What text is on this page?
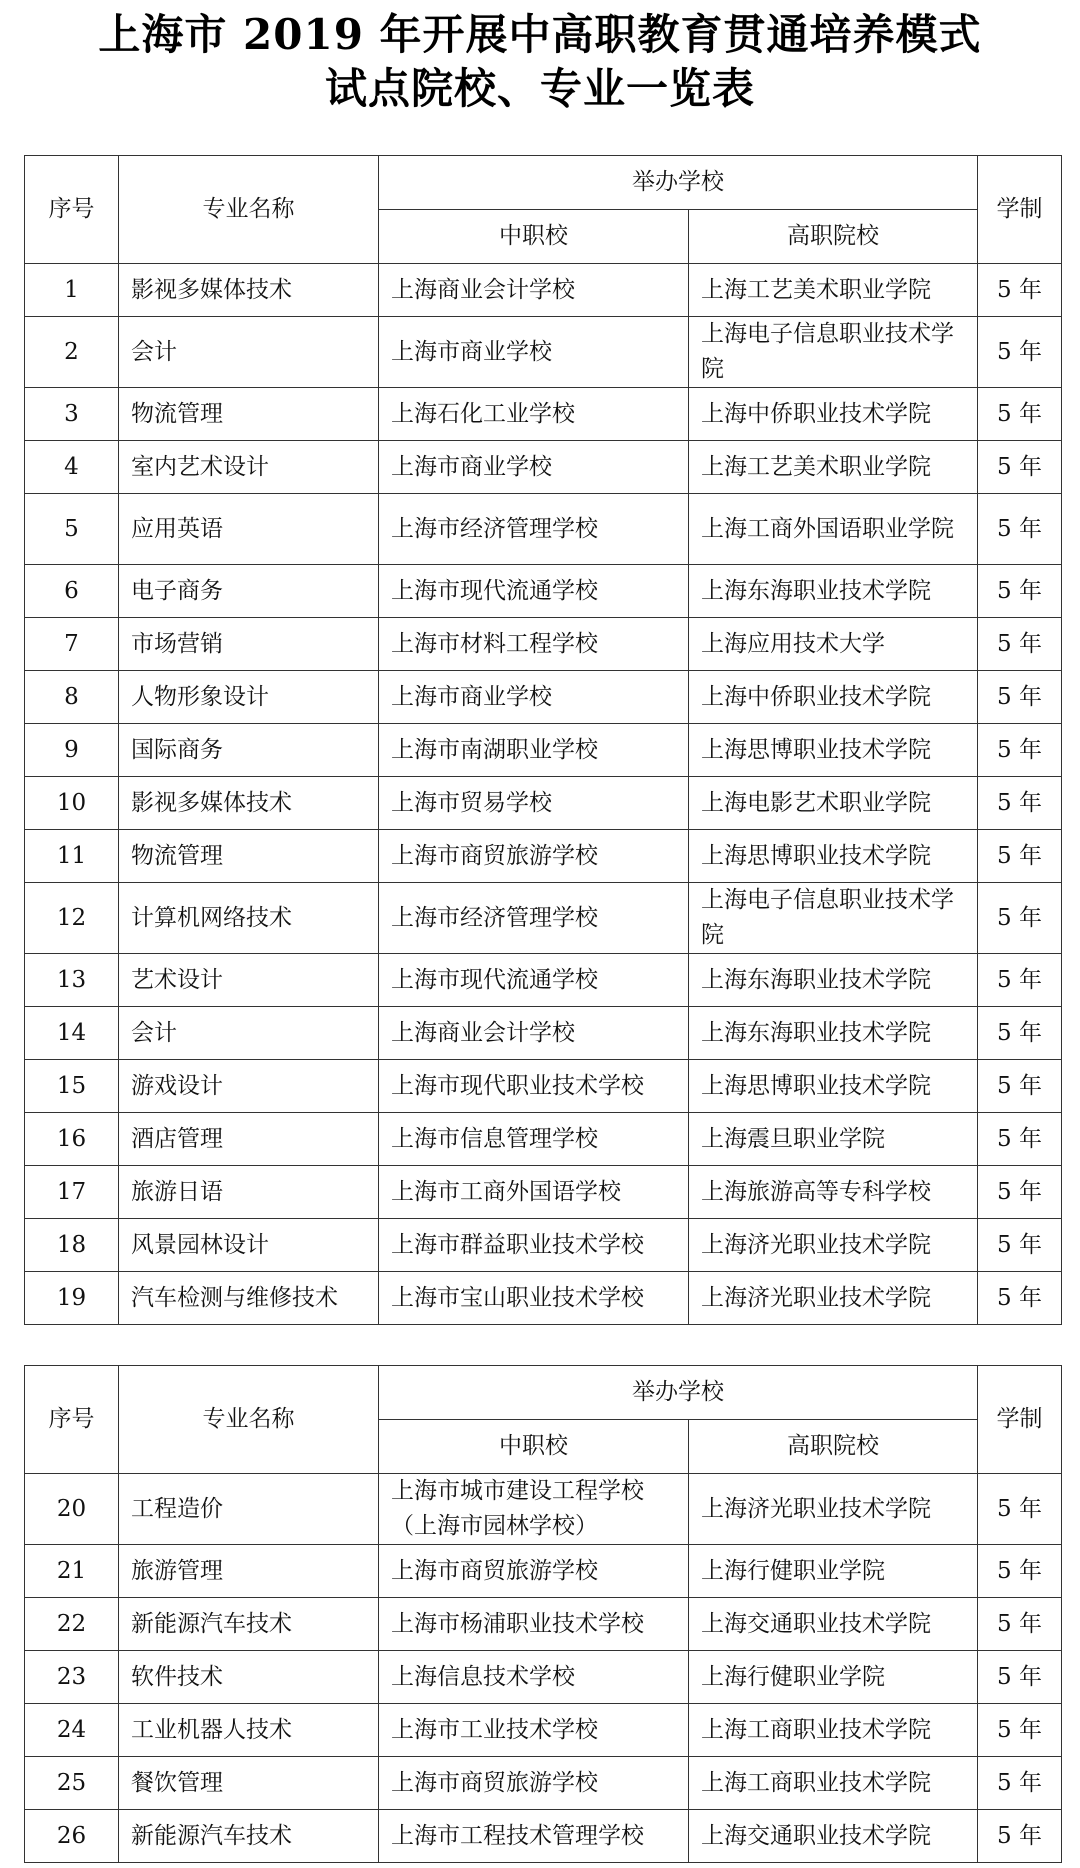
上海市 2019 年开展中高职教育贯通培养模式
试点院校、专业一览表
序号	专业名称	举办学校		学制
		中职校	高职院校	
1	影视多媒体技术	上海商业会计学校	上海工艺美术职业学院	5 年
2	会计	上海市商业学校	上海电子信息职业技术学院	5 年
3	物流管理	上海石化工业学校	上海中侨职业技术学院	5 年
4	室内艺术设计	上海市商业学校	上海工艺美术职业学院	5 年
5	应用英语	上海市经济管理学校	上海工商外国语职业学院	5 年
6	电子商务	上海市现代流通学校	上海东海职业技术学院	5 年
7	市场营销	上海市材料工程学校	上海应用技术大学	5 年
8	人物形象设计	上海市商业学校	上海中侨职业技术学院	5 年
9	国际商务	上海市南湖职业学校	上海思博职业技术学院	5 年
10	影视多媒体技术	上海市贸易学校	上海电影艺术职业学院	5 年
11	物流管理	上海市商贸旅游学校	上海思博职业技术学院	5 年
12	计算机网络技术	上海市经济管理学校	上海电子信息职业技术学院	5 年
13	艺术设计	上海市现代流通学校	上海东海职业技术学院	5 年
14	会计	上海商业会计学校	上海东海职业技术学院	5 年
15	游戏设计	上海市现代职业技术学校	上海思博职业技术学院	5 年
16	酒店管理	上海市信息管理学校	上海震旦职业学院	5 年
17	旅游日语	上海市工商外国语学校	上海旅游高等专科学校	5 年
18	风景园林设计	上海市群益职业技术学校	上海济光职业技术学院	5 年
19	汽车检测与维修技术	上海市宝山职业技术学校	上海济光职业技术学院	5 年
序号	专业名称	举办学校		学制
		中职校	高职院校	
20	工程造价	上海市城市建设工程学校（上海市园林学校）	上海济光职业技术学院	5 年
21	旅游管理	上海市商贸旅游学校	上海行健职业学院	5 年
22	新能源汽车技术	上海市杨浦职业技术学校	上海交通职业技术学院	5 年
23	软件技术	上海信息技术学校	上海行健职业学院	5 年
24	工业机器人技术	上海市工业技术学校	上海工商职业技术学院	5 年
25	餐饮管理	上海市商贸旅游学校	上海工商职业技术学院	5 年
26	新能源汽车技术	上海市工程技术管理学校	上海交通职业技术学院	5 年
